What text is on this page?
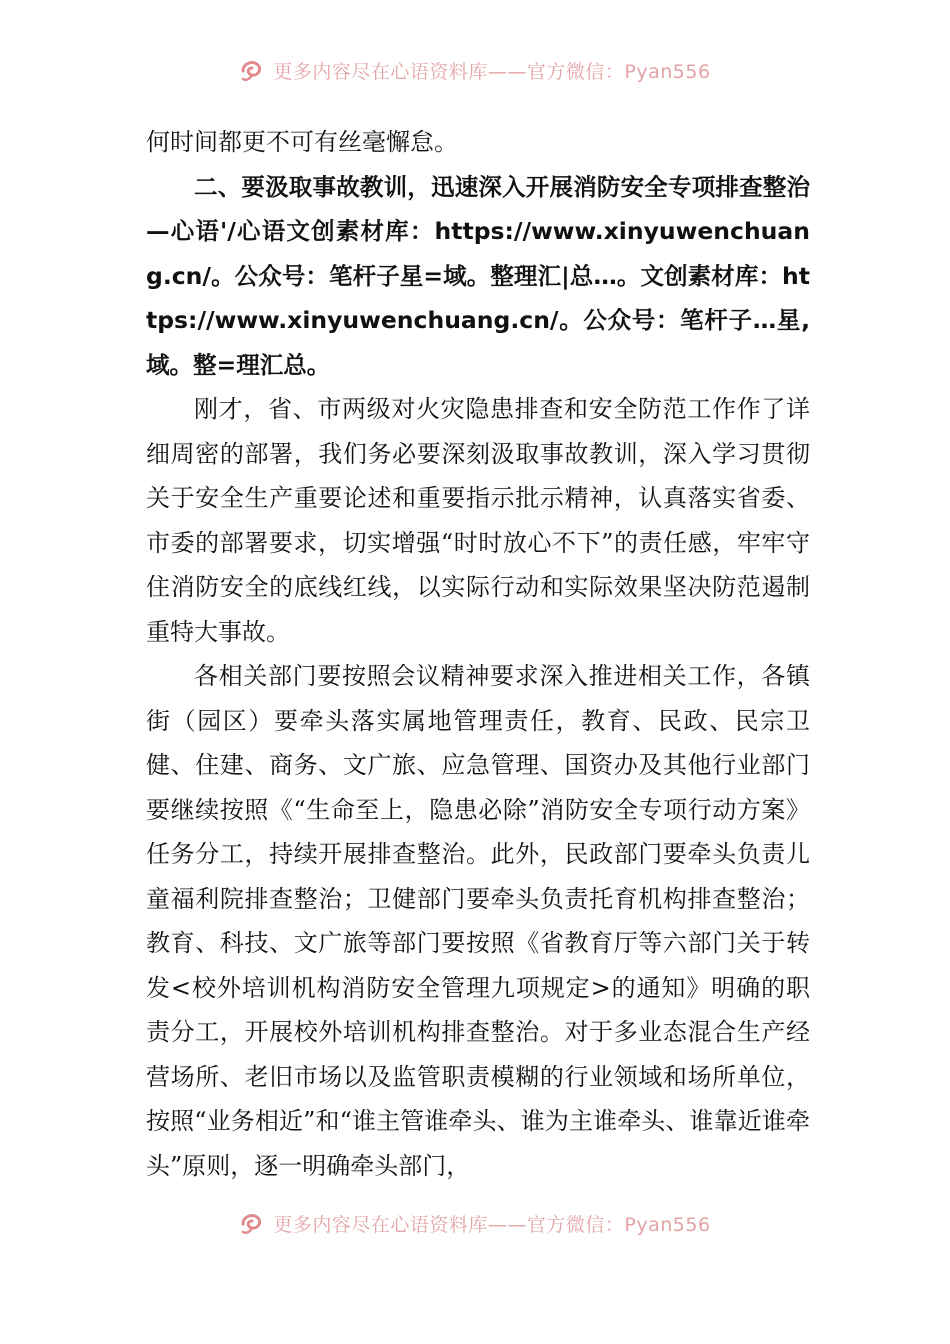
更多内容尽在心语资料库——官方微信：Pyan556

何时间都更不可有丝毫懈怠。

二、要汲取事故教训，迅速深入开展消防安全专项排查整治—心语'/心语文创素材库：https://www.xinyuwenchuang.cn/。公众号：笔杆子星=域。整理汇|总…。文创素材库：https://www.xinyuwenchuang.cn/。公众号：笔杆子…星,域。整=理汇总。

刚才，省、市两级对火灾隐患排查和安全防范工作作了详细周密的部署，我们务必要深刻汲取事故教训，深入学习贯彻关于安全生产重要论述和重要指示批示精神，认真落实省委、市委的部署要求，切实增强“时时放心不下”的责任感，牢牢守住消防安全的底线红线，以实际行动和实际效果坚决防范遏制重特大事故。

各相关部门要按照会议精神要求深入推进相关工作，各镇街（园区）要牵头落实属地管理责任，教育、民政、民宗卫健、住建、商务、文广旅、应急管理、国资办及其他行业部门要继续按照《“生命至上，隐患必除”消防安全专项行动方案》任务分工，持续开展排查整治。此外，民政部门要牵头负责儿童福利院排查整治；卫健部门要牵头负责托育机构排查整治；教育、科技、文广旅等部门要按照《省教育厅等六部门关于转发<校外培训机构消防安全管理九项规定>的通知》明确的职责分工，开展校外培训机构排查整治。对于多业态混合生产经营场所、老旧市场以及监管职责模糊的行业领域和场所单位，按照“业务相近”和“谁主管谁牵头、谁为主谁牵头、谁靠近谁牵头”原则，逐一明确牵头部门，

更多内容尽在心语资料库——官方微信：Pyan556
